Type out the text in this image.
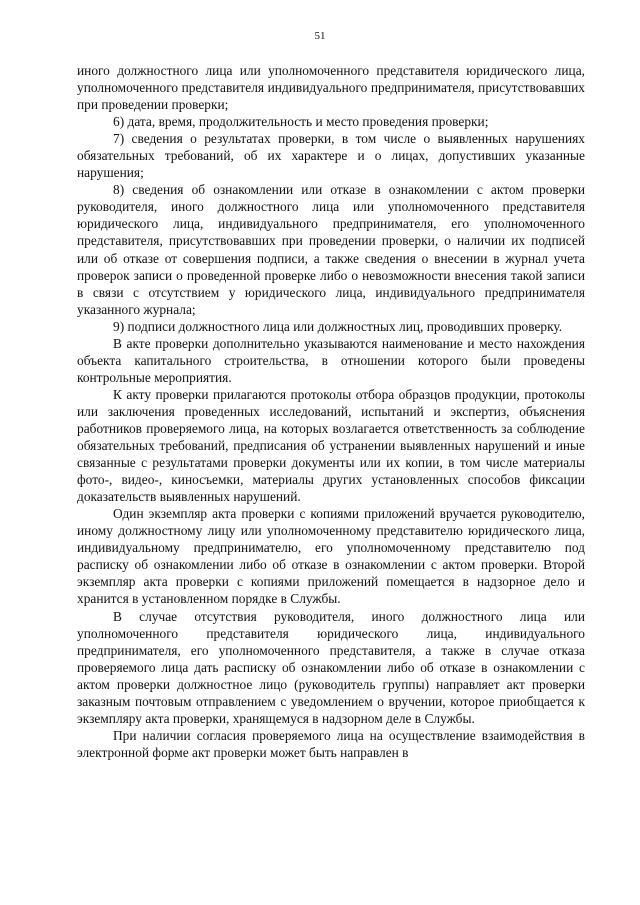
51

иного должностного лица или уполномоченного представителя юридического лица, уполномоченного представителя индивидуального предпринимателя, присутствовавших при проведении проверки;

6) дата, время, продолжительность и место проведения проверки;

7) сведения о результатах проверки, в том числе о выявленных нарушениях обязательных требований, об их характере и о лицах, допустивших указанные нарушения;

8) сведения об ознакомлении или отказе в ознакомлении с актом проверки руководителя, иного должностного лица или уполномоченного представителя юридического лица, индивидуального предпринимателя, его уполномоченного представителя, присутствовавших при проведении проверки, о наличии их подписей или об отказе от совершения подписи, а также сведения о внесении в журнал учета проверок записи о проведенной проверке либо о невозможности внесения такой записи в связи с отсутствием у юридического лица, индивидуального предпринимателя указанного журнала;

9) подписи должностного лица или должностных лиц, проводивших проверку.

В акте проверки дополнительно указываются наименование и место нахождения объекта капитального строительства, в отношении которого были проведены контрольные мероприятия.

К акту проверки прилагаются протоколы отбора образцов продукции, протоколы или заключения проведенных исследований, испытаний и экспертиз, объяснения работников проверяемого лица, на которых возлагается ответственность за соблюдение обязательных требований, предписания об устранении выявленных нарушений и иные связанные с результатами проверки документы или их копии, в том числе материалы фото-, видео-, киносъемки, материалы других установленных способов фиксации доказательств выявленных нарушений.

Один экземпляр акта проверки с копиями приложений вручается руководителю, иному должностному лицу или уполномоченному представителю юридического лица, индивидуальному предпринимателю, его уполномоченному представителю под расписку об ознакомлении либо об отказе в ознакомлении с актом проверки. Второй экземпляр акта проверки с копиями приложений помещается в надзорное дело и хранится в установленном порядке в Службы.

В случае отсутствия руководителя, иного должностного лица или уполномоченного представителя юридического лица, индивидуального предпринимателя, его уполномоченного представителя, а также в случае отказа проверяемого лица дать расписку об ознакомлении либо об отказе в ознакомлении с актом проверки должностное лицо (руководитель группы) направляет акт проверки заказным почтовым отправлением с уведомлением о вручении, которое приобщается к экземпляру акта проверки, хранящемуся в надзорном деле в Службы.

При наличии согласия проверяемого лица на осуществление взаимодействия в электронной форме акт проверки может быть направлен в
